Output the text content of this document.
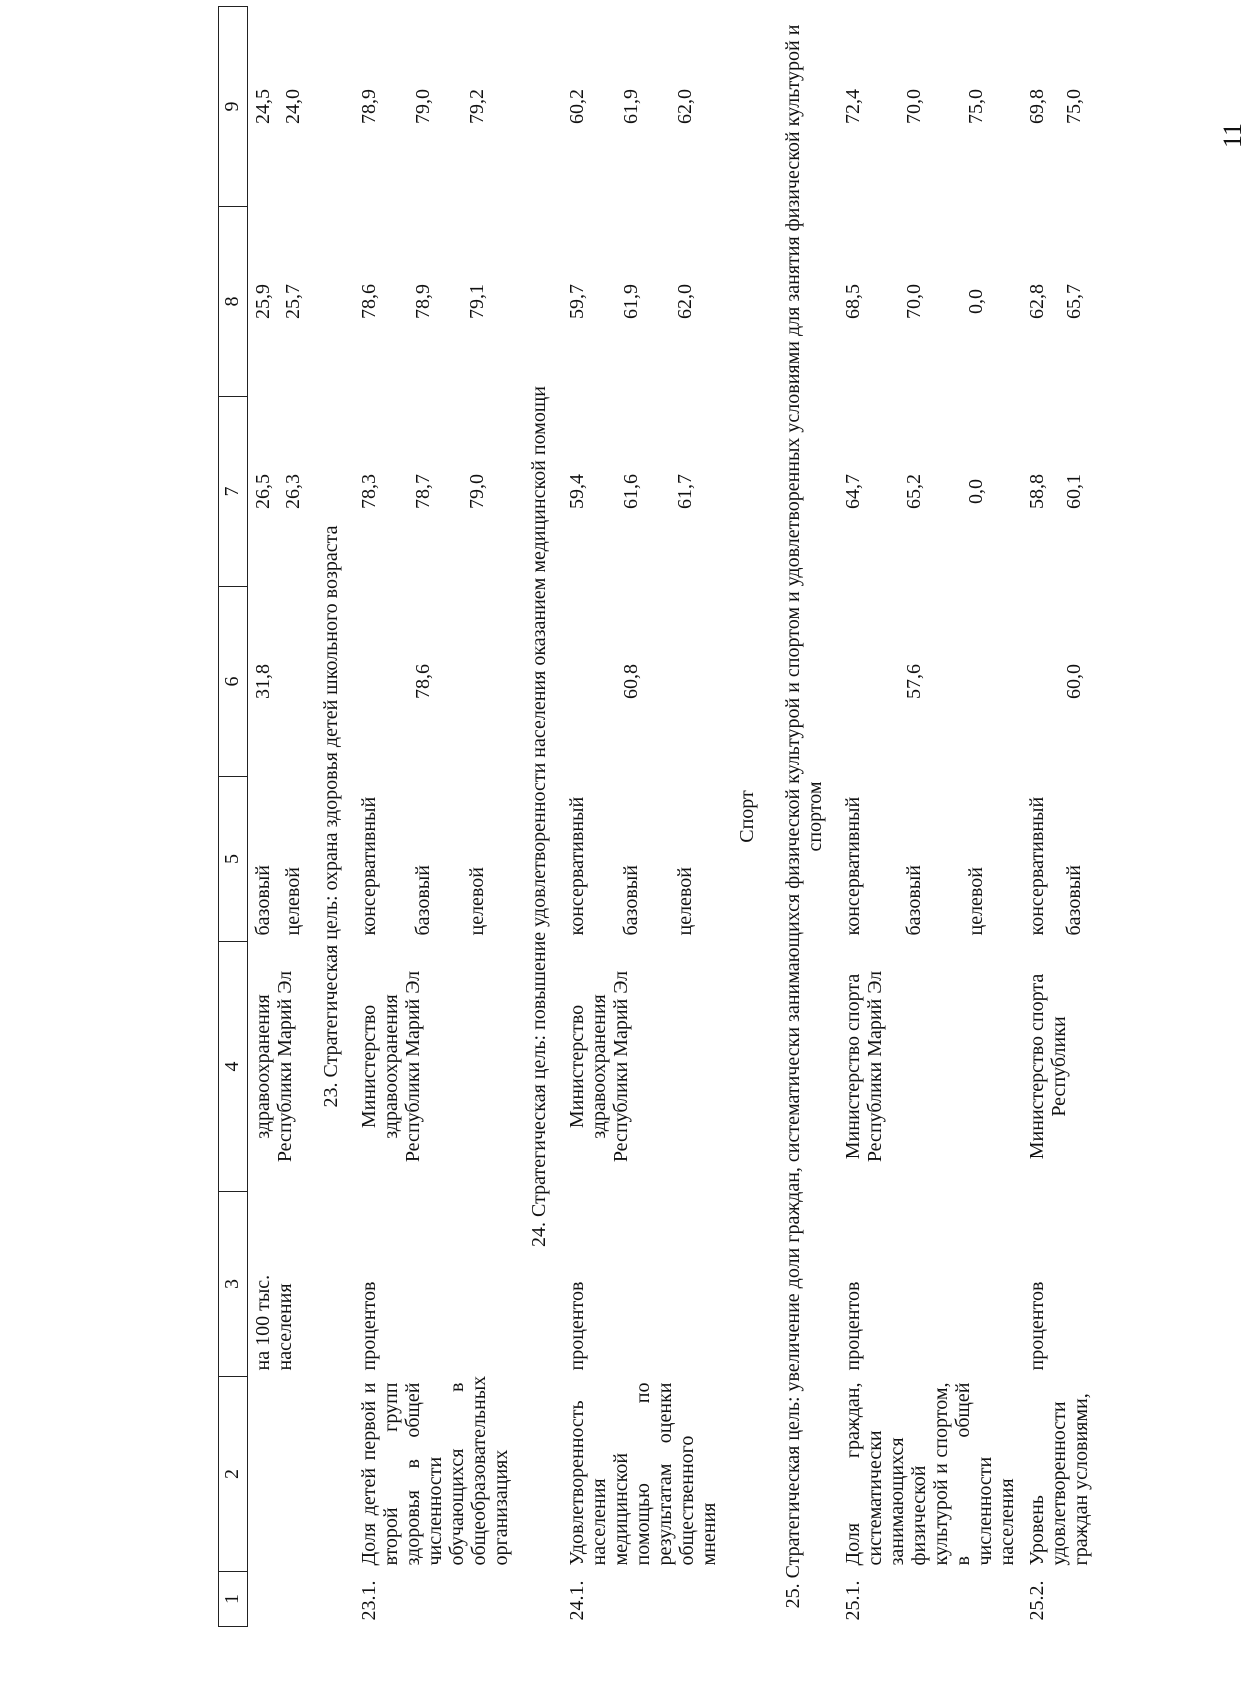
11
1	2	3	4	5	6	7	8	9
		на 100 тыс. населения	здравоохранения Республики Марий Эл	базовый	31,8	26,5	25,9	24,5
				целевой		26,3	25,7	24,0
23. Стратегическая цель: охрана здоровья детей школьного возраста								
23.1.	Доля детей первой и второй групп здоровья в общей численности обучающихся в общеобразовательных организациях	процентов	Министерство здравоохранения Республики Марий Эл	консервативный		78,3	78,6	78,9
				базовый	78,6	78,7	78,9	79,0
				целевой		79,0	79,1	79,2
24. Стратегическая цель: повышение удовлетворенности населения оказанием медицинской помощи								
24.1.	Удовлетворенность населения медицинской помощью по результатам оценки общественного мнения	процентов	Министерство здравоохранения Республики Марий Эл	консервативный		59,4	59,7	60,2
				базовый	60,8	61,6	61,9	61,9
				целевой		61,7	62,0	62,0
Спорт								
25. Стратегическая цель: увеличение доли граждан, систематически занимающихся физической культурой и спортом и удовлетворенных условиями для занятия физической культурой и спортом								
25.1.	Доля граждан, систематически занимающихся физической культурой и спортом, в общей численности населения	процентов	Министерство спорта Республики Марий Эл	консервативный		64,7	68,5	72,4
				базовый	57,6	65,2	70,0	70,0
				целевой		0,0	0,0	75,0
25.2.	Уровень удовлетворенности граждан условиями,	процентов	Министерство спорта Республики	консервативный		58,8	62,8	69,8
				базовый	60,0	60,1	65,7	75,0
